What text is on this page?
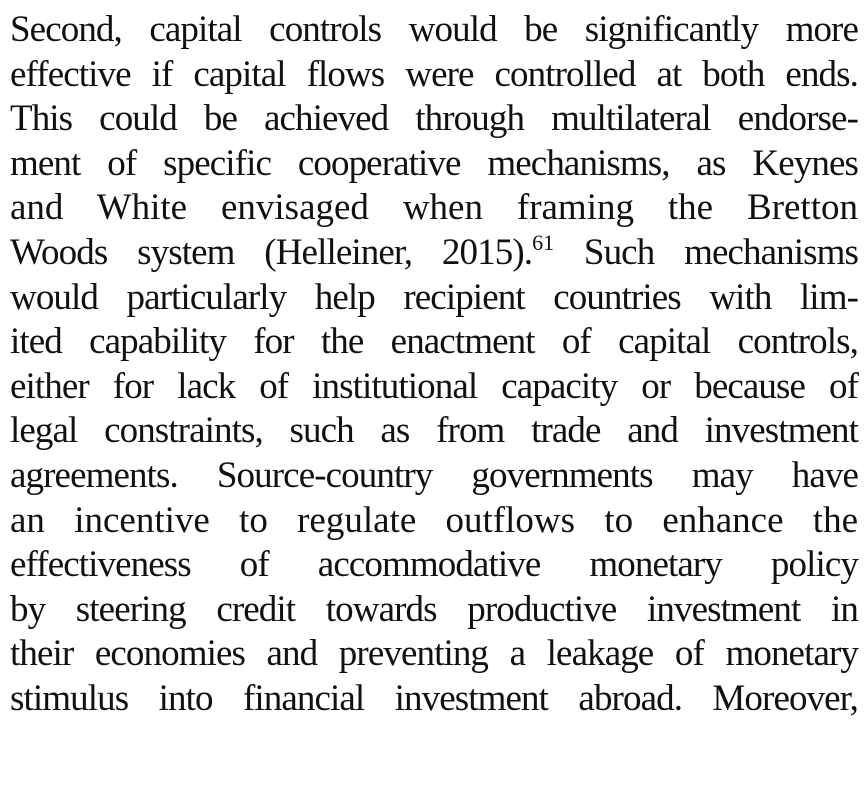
Second, capital controls would be significantly more
effective if capital flows were controlled at both ends.
This could be achieved through multilateral endorse-
ment of specific cooperative mechanisms, as Keynes
and White envisaged when framing the Bretton
Woods system (Helleiner, 2015).$^{61}$ Such mechanisms
would particularly help recipient countries with lim-
ited capability for the enactment of capital controls,
either for lack of institutional capacity or because of
legal constraints, such as from trade and investment
agreements. Source-country governments may have
an incentive to regulate outflows to enhance the
effectiveness of accommodative monetary policy
by steering credit towards productive investment in
their economies and preventing a leakage of monetary
stimulus into financial investment abroad. Moreover,
